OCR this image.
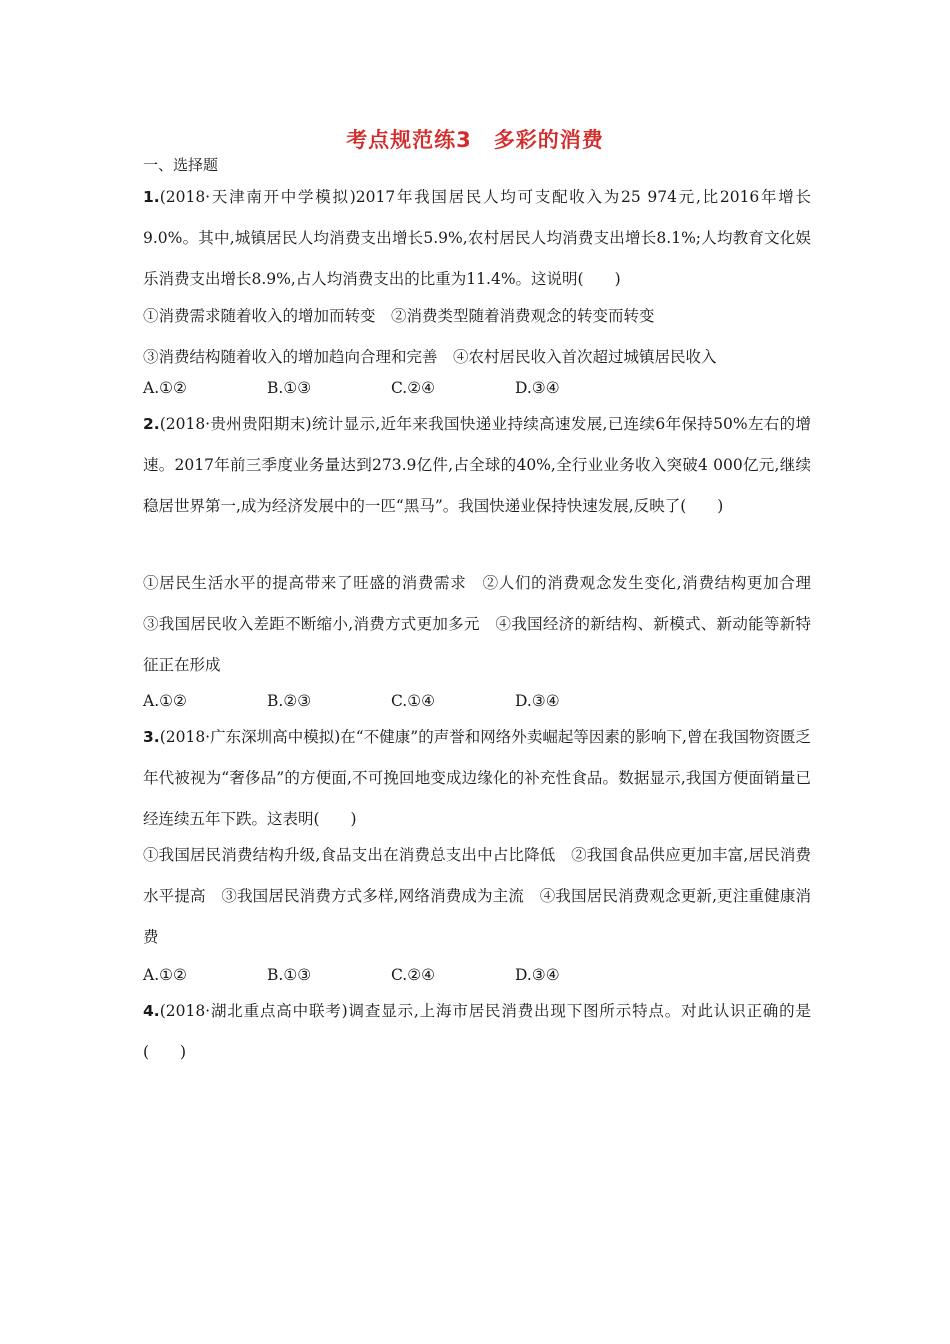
考点规范练3　多彩的消费
一、选择题
1.(2018·天津南开中学模拟)2017年我国居民人均可支配收入为25 974元,比2016年增长9.0%。其中,城镇居民人均消费支出增长5.9%,农村居民人均消费支出增长8.1%;人均教育文化娱乐消费支出增长8.9%,占人均消费支出的比重为11.4%。这说明(　　)
①消费需求随着收入的增加而转变　②消费类型随着消费观念的转变而转变
③消费结构随着收入的增加趋向合理和完善　④农村居民收入首次超过城镇居民收入
A.①②	B.①③	C.②④	D.③④
2.(2018·贵州贵阳期末)统计显示,近年来我国快递业持续高速发展,已连续6年保持50%左右的增速。2017年前三季度业务量达到273.9亿件,占全球的40%,全行业业务收入突破4 000亿元,继续稳居世界第一,成为经济发展中的一匹“黑马”。我国快递业保持快速发展,反映了(　　)
①居民生活水平的提高带来了旺盛的消费需求　②人们的消费观念发生变化,消费结构更加合理　③我国居民收入差距不断缩小,消费方式更加多元　④我国经济的新结构、新模式、新动能等新特征正在形成
A.①②	B.②③	C.①④	D.③④
3.(2018·广东深圳高中模拟)在“不健康”的声誉和网络外卖崛起等因素的影响下,曾在我国物资匮乏年代被视为“奢侈品”的方便面,不可挽回地变成边缘化的补充性食品。数据显示,我国方便面销量已经连续五年下跌。这表明(　　)
①我国居民消费结构升级,食品支出在消费总支出中占比降低　②我国食品供应更加丰富,居民消费水平提高　③我国居民消费方式多样,网络消费成为主流　④我国居民消费观念更新,更注重健康消费
A.①②	B.①③	C.②④	D.③④
4.(2018·湖北重点高中联考)调查显示,上海市居民消费出现下图所示特点。对此认识正确的是(　　)
